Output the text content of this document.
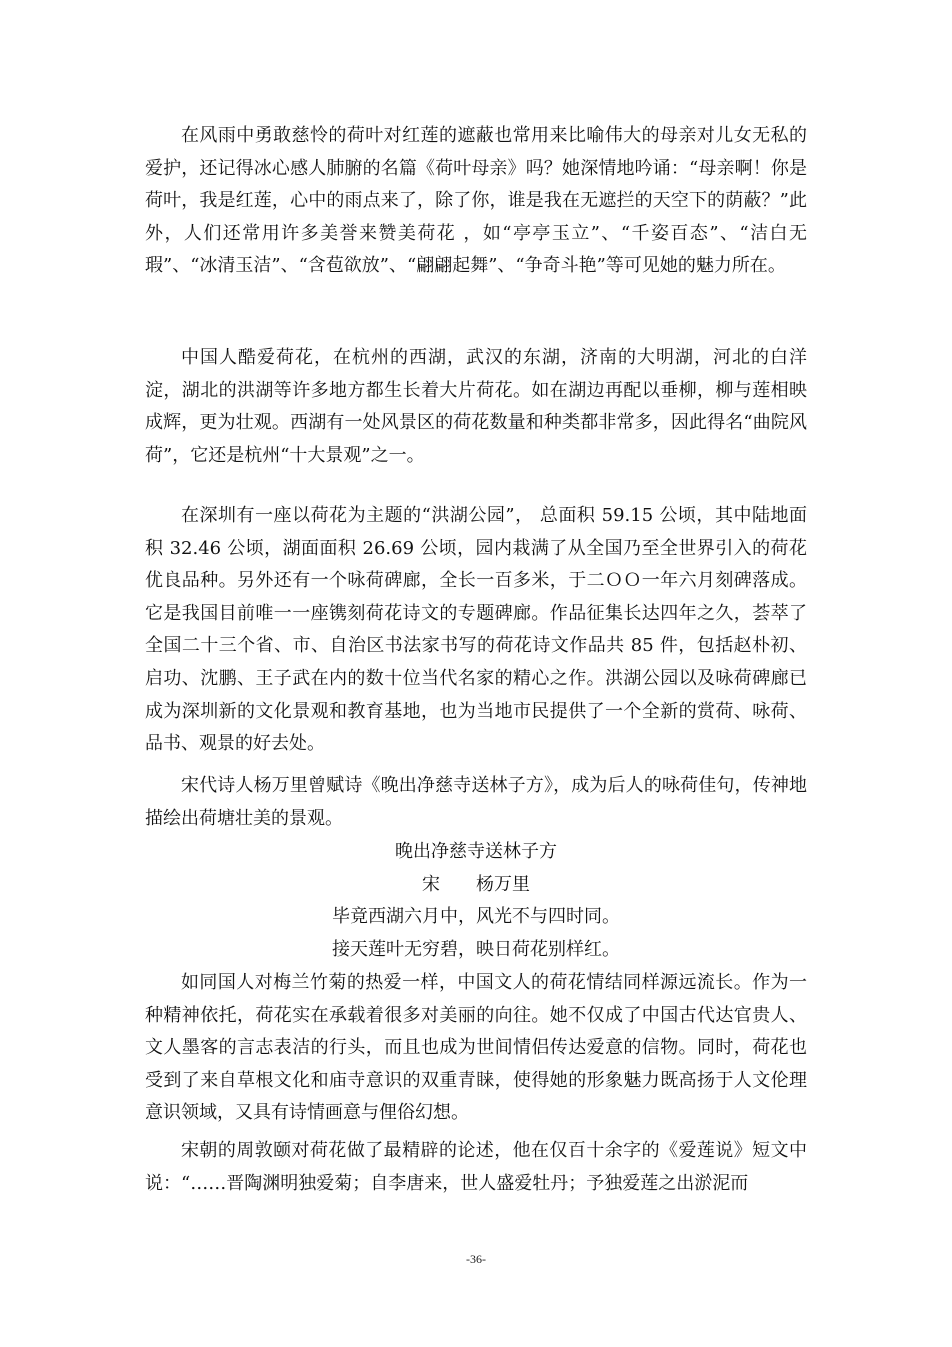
在风雨中勇敢慈怜的荷叶对红莲的遮蔽也常用来比喻伟大的母亲对儿女无私的爱护，还记得冰心感人肺腑的名篇《荷叶母亲》吗？她深情地吟诵：“母亲啊！你是荷叶，我是红莲，心中的雨点来了，除了你，谁是我在无遮拦的天空下的荫蔽？”此外，人们还常用许多美誉来赞美荷花 ，如“亭亭玉立”、“千姿百态”、“洁白无瑕”、“冰清玉洁”、“含苞欲放”、“翩翩起舞”、“争奇斗艳”等可见她的魅力所在。

中国人酷爱荷花，在杭州的西湖，武汉的东湖，济南的大明湖，河北的白洋淀，湖北的洪湖等许多地方都生长着大片荷花。如在湖边再配以垂柳，柳与莲相映成辉，更为壮观。西湖有一处风景区的荷花数量和种类都非常多，因此得名“曲院风荷”，它还是杭州“十大景观”之一。

在深圳有一座以荷花为主题的“洪湖公园”， 总面积 59.15 公顷，其中陆地面积 32.46 公顷，湖面面积 26.69 公顷，园内栽满了从全国乃至全世界引入的荷花优良品种。另外还有一个咏荷碑廊，全长一百多米，于二ＯＯ一年六月刻碑落成。它是我国目前唯一一座镌刻荷花诗文的专题碑廊。作品征集长达四年之久，荟萃了全国二十三个省、市、自治区书法家书写的荷花诗文作品共 85 件，包括赵朴初、启功、沈鹏、王子武在内的数十位当代名家的精心之作。洪湖公园以及咏荷碑廊已成为深圳新的文化景观和教育基地，也为当地市民提供了一个全新的赏荷、咏荷、品书、观景的好去处。

宋代诗人杨万里曾赋诗《晚出净慈寺送林子方》，成为后人的咏荷佳句，传神地描绘出荷塘壮美的景观。

晚出净慈寺送林子方

宋　　杨万里

毕竟西湖六月中，风光不与四时同。

接天莲叶无穷碧，映日荷花别样红。

如同国人对梅兰竹菊的热爱一样，中国文人的荷花情结同样源远流长。作为一种精神依托，荷花实在承载着很多对美丽的向往。她不仅成了中国古代达官贵人、文人墨客的言志表洁的行头，而且也成为世间情侣传达爱意的信物。同时，荷花也受到了来自草根文化和庙寺意识的双重青睐，使得她的形象魅力既高扬于人文伦理意识领域，又具有诗情画意与俚俗幻想。

宋朝的周敦颐对荷花做了最精辟的论述，他在仅百十余字的《爱莲说》短文中说：“……晋陶渊明独爱菊；自李唐来，世人盛爱牡丹；予独爱莲之出淤泥而

-36-
